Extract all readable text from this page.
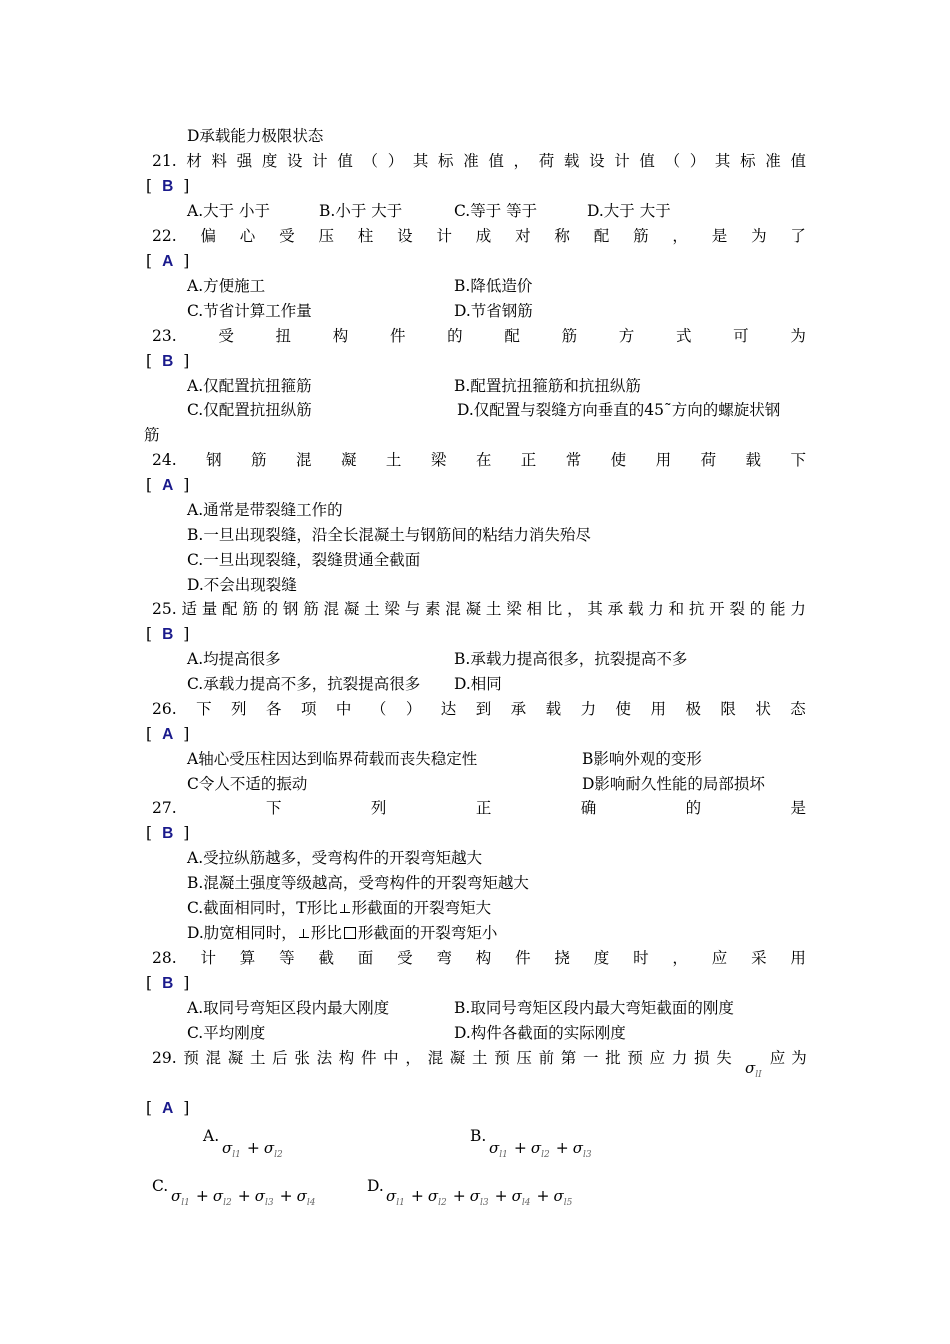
D承载能力极限状态
21. 材 料 强 度 设 计 值 （ ） 其 标 准 值 ， 荷 载 设 计 值 （ ） 其 标 准 值
[ B ]
A.大于 小于	B.小于 大于	C.等于 等于	D.大于 大于
22. 偏 心 受 压 柱 设 计 成 对 称 配 筋 ， 是 为 了
[ A ]
A.方便施工	B.降低造价
C.节省计算工作量	D.节省钢筋
23.	受	扭	构	件	的	配	筋	方	式	可	为
[ B ]
A.仅配置抗扭箍筋	B.配置抗扭箍筋和抗扭纵筋
C.仅配置抗扭纵筋	D.仅配置与裂缝方向垂直的45˜方向的螺旋状钢
筋
24. 钢 筋 混 凝 土 梁 在 正 常 使 用 荷 载 下
[ A ]
A.通常是带裂缝工作的
B.一旦出现裂缝，沿全长混凝土与钢筋间的粘结力消失殆尽
C.一旦出现裂缝，裂缝贯通全截面
D.不会出现裂缝
25. 适 量 配 筋 的 钢 筋 混 凝 土 梁 与 素 混 凝 土 梁 相 比 ， 其 承 载 力 和 抗 开 裂 的 能 力
[ B ]
A.均提高很多	B.承载力提高很多，抗裂提高不多
C.承载力提高不多，抗裂提高很多 D.相同
26. 下 列 各 项 中 （ ） 达 到 承 载 力 使 用 极 限 状 态
[ A ]
A轴心受压柱因达到临界荷载而丧失稳定性	B影响外观的变形
C令人不适的振动	D影响耐久性能的局部损坏
27.	下	列	正	确	的	是
[ B ]
A.受拉纵筋越多，受弯构件的开裂弯矩越大
B.混凝土强度等级越高，受弯构件的开裂弯矩越大
C.截面相同时，T形比 形截面的开裂弯矩大
D.肋宽相同时， 形比 形截面的开裂弯矩小
28. 计 算 等 截 面 受 弯 构 件 挠 度 时 ， 应 采 用
[ B ]
A.取同号弯矩区段内最大刚度	B.取同号弯矩区段内最大弯矩截面的刚度
C.平均刚度	D.构件各截面的实际刚度
29. 预 混 凝 土 后 张 法 构 件 中 ， 混 凝 土 预 压 前 第 一 批 预 应 力 损 失
$\sigma_{lI}$应为
[ A ]
A.
$\sigma_{l1} + \sigma_{l2}$
B.
$\sigma_{l1} + \sigma_{l2} + \sigma_{l3}$
C.
$\sigma_{l1} + \sigma_{l2} + \sigma_{l3} + \sigma_{l4}$
D.
$\sigma_{l1} + \sigma_{l2} + \sigma_{l3} + \sigma_{l4} + \sigma_{l5}$
